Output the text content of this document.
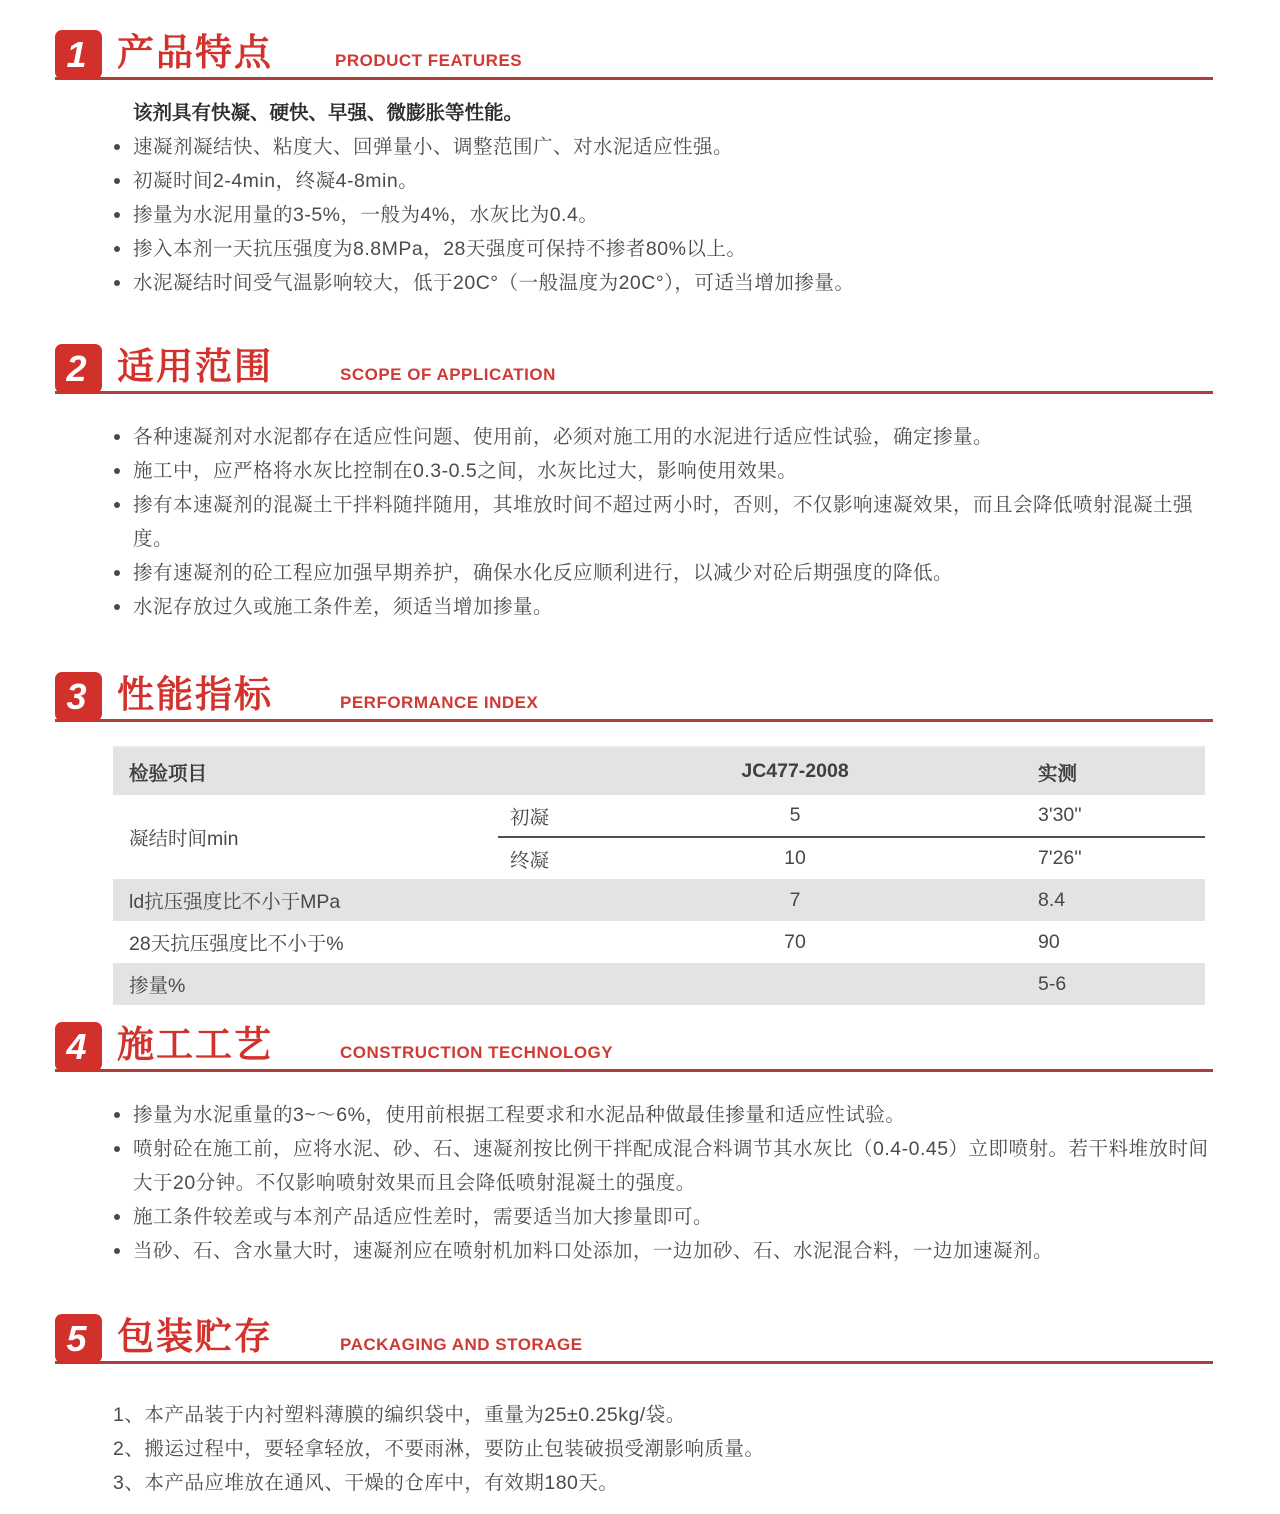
1 产品特点	PRODUCT FEATURES

该剂具有快凝、硬快、早强、微膨胀等性能。

速凝剂凝结快、粘度大、回弹量小、调整范围广、对水泥适应性强。
初凝时间2-4min，终凝4-8min。
掺量为水泥用量的3-5%，一般为4%，水灰比为0.4。
掺入本剂一天抗压强度为8.8MPa，28天强度可保持不掺者80%以上。
水泥凝结时间受气温影响较大，低于20C°（一般温度为20C°），可适当增加掺量。
2 适用范围	SCOPE OF APPLICATION
各种速凝剂对水泥都存在适应性问题、使用前，必须对施工用的水泥进行适应性试验，确定掺量。
施工中，应严格将水灰比控制在0.3-0.5之间，水灰比过大，影响使用效果。
掺有本速凝剂的混凝土干拌料随拌随用，其堆放时间不超过两小时，否则，不仅影响速凝效果，而且会降低喷射混凝土强度。
掺有速凝剂的砼工程应加强早期养护，确保水化反应顺利进行，以减少对砼后期强度的降低。
水泥存放过久或施工条件差，须适当增加掺量。
3 性能指标	PERFORMANCE INDEX
检验项目		JC477-2008	实测
凝结时间min	初凝	5	3'30''
	终凝	10	7'26''
ld抗压强度比不小于MPa		7	8.4
28天抗压强度比不小于%		70	90
掺量%			5-6
4 施工工艺	CONSTRUCTION TECHNOLOGY
掺量为水泥重量的3~～6%，使用前根据工程要求和水泥品种做最佳掺量和适应性试验。
喷射砼在施工前，应将水泥、砂、石、速凝剂按比例干拌配成混合料调节其水灰比（0.4-0.45）立即喷射。若干料堆放时间大于20分钟。不仅影响喷射效果而且会降低喷射混凝土的强度。
施工条件较差或与本剂产品适应性差时，需要适当加大掺量即可。
当砂、石、含水量大时，速凝剂应在喷射机加料口处添加，一边加砂、石、水泥混合料，一边加速凝剂。
5 包装贮存	PACKAGING AND STORAGE

1、本产品装于内衬塑料薄膜的编织袋中，重量为25±0.25kg/袋。

2、搬运过程中，要轻拿轻放，不要雨淋，要防止包装破损受潮影响质量。

3、本产品应堆放在通风、干燥的仓库中，有效期180天。
